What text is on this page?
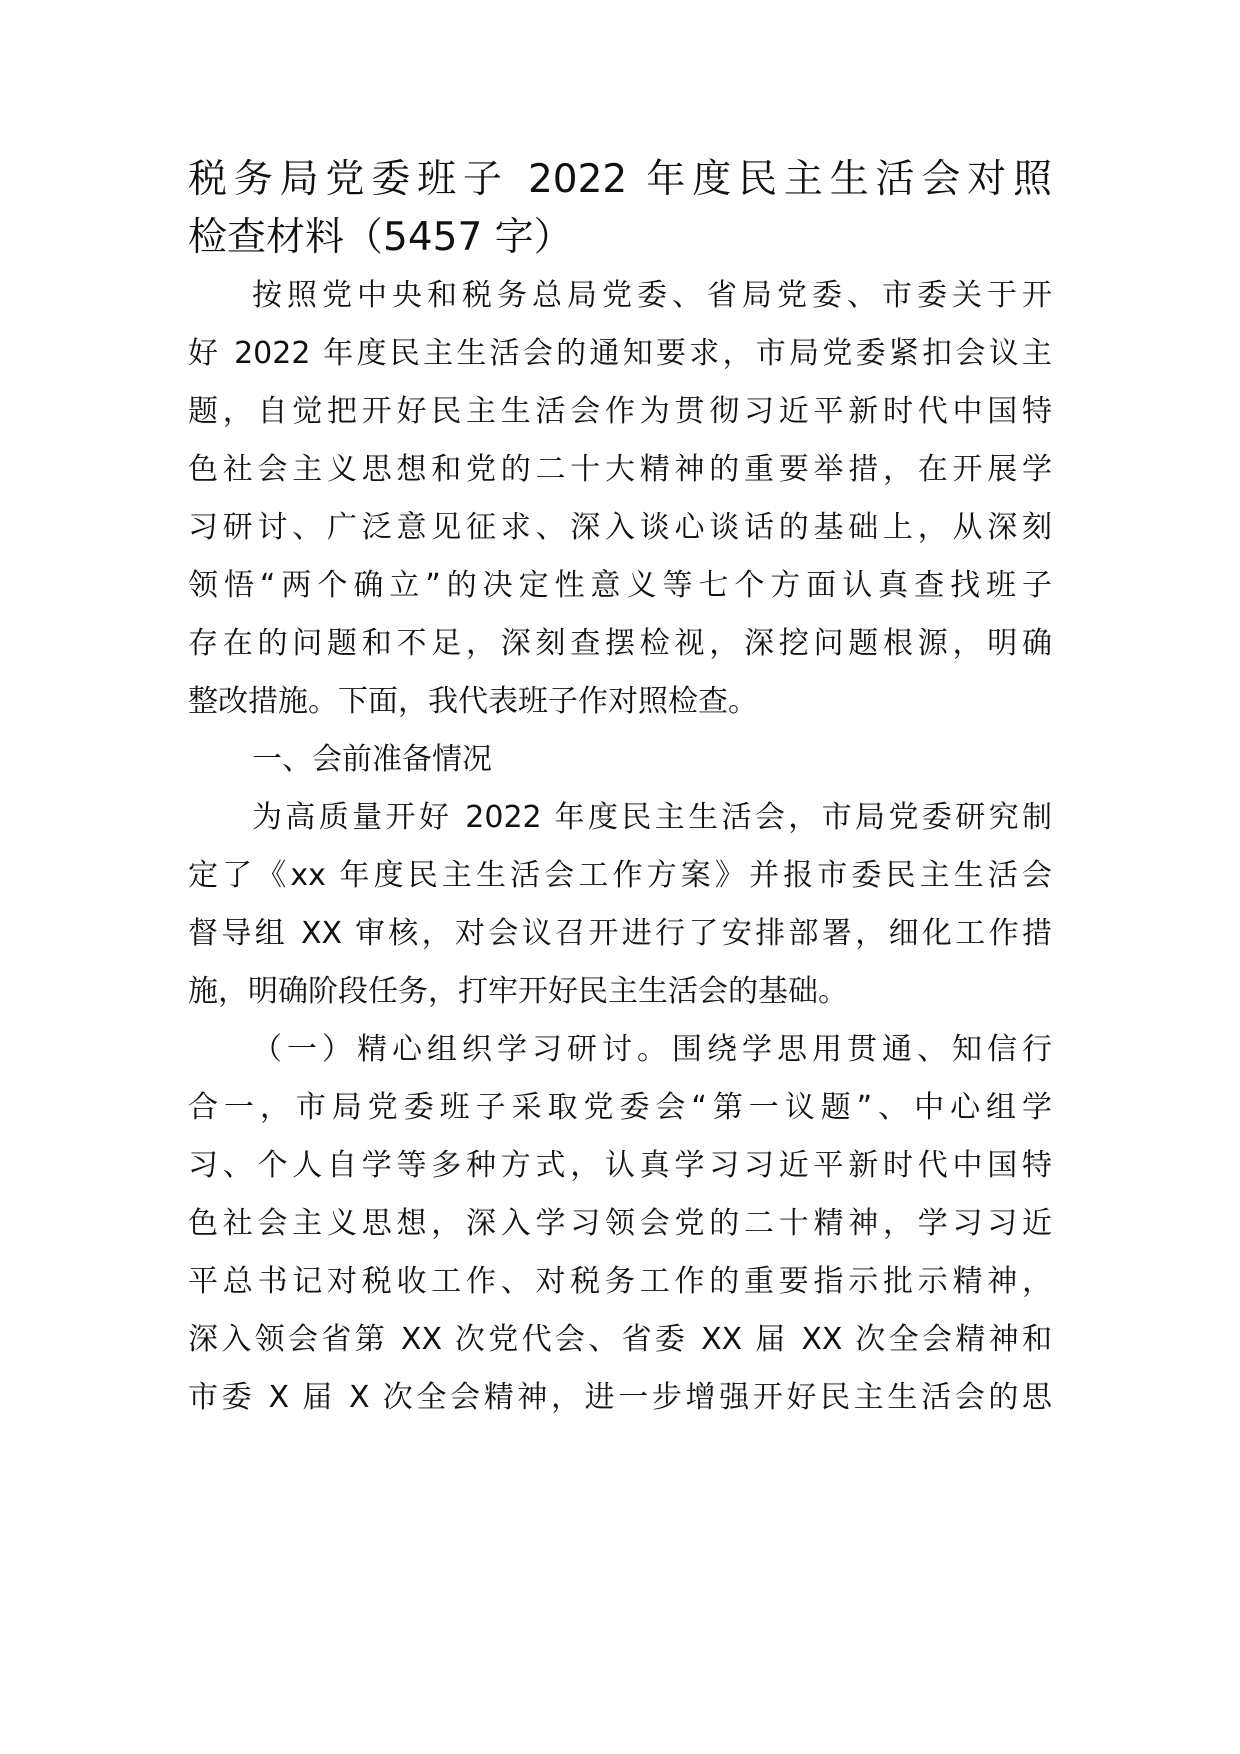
税务局党委班子 2022 年度民主生活会对照
检查材料（5457 字）
按照党中央和税务总局党委、省局党委、市委关于开
好 2022 年度民主生活会的通知要求，市局党委紧扣会议主
题，自觉把开好民主生活会作为贯彻习近平新时代中国特
色社会主义思想和党的二十大精神的重要举措，在开展学
习研讨、广泛意见征求、深入谈心谈话的基础上，从深刻
领悟“两个确立”的决定性意义等七个方面认真查找班子
存在的问题和不足，深刻查摆检视，深挖问题根源，明确
整改措施。下面，我代表班子作对照检查。
一、会前准备情况
为高质量开好 2022 年度民主生活会，市局党委研究制
定了《xx 年度民主生活会工作方案》并报市委民主生活会
督导组 XX 审核，对会议召开进行了安排部署，细化工作措
施，明确阶段任务，打牢开好民主生活会的基础。
（一）精心组织学习研讨。围绕学思用贯通、知信行
合一，市局党委班子采取党委会“第一议题”、中心组学
习、个人自学等多种方式，认真学习习近平新时代中国特
色社会主义思想，深入学习领会党的二十精神，学习习近
平总书记对税收工作、对税务工作的重要指示批示精神，
深入领会省第 XX 次党代会、省委 XX 届 XX 次全会精神和
市委 X 届 X 次全会精神，进一步增强开好民主生活会的思
